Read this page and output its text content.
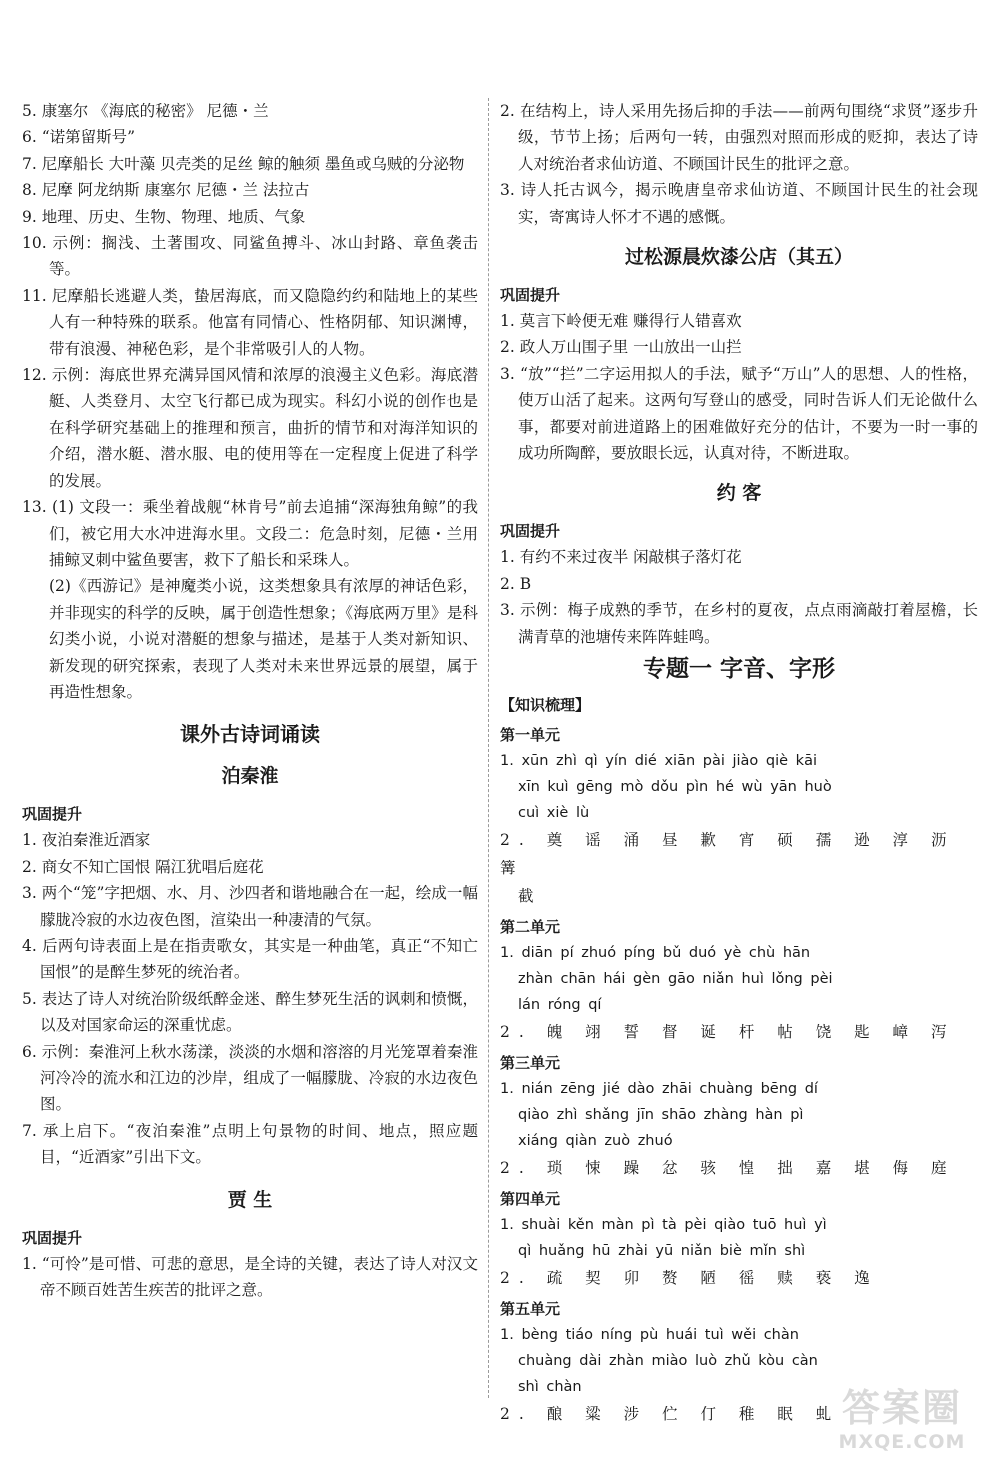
5. 康塞尔 《海底的秘密》 尼德・兰

6. “诺第留斯号”

7. 尼摩船长 大叶藻 贝壳类的足丝 鲸的触须 墨鱼或乌贼的分泌物

8. 尼摩 阿龙纳斯 康塞尔 尼德・兰 法拉古

9. 地理、历史、生物、物理、地质、气象

10. 示例：搁浅、土著围攻、同鲨鱼搏斗、冰山封路、章鱼袭击等。

11. 尼摩船长逃避人类，蛰居海底，而又隐隐约约和陆地上的某些人有一种特殊的联系。他富有同情心、性格阴郁、知识渊博，带有浪漫、神秘色彩，是个非常吸引人的人物。

12. 示例：海底世界充满异国风情和浓厚的浪漫主义色彩。海底潜艇、人类登月、太空飞行都已成为现实。科幻小说的创作也是在科学研究基础上的推理和预言，曲折的情节和对海洋知识的介绍，潜水艇、潜水服、电的使用等在一定程度上促进了科学的发展。

13. (1) 文段一：乘坐着战舰“林肯号”前去追捕“深海独角鲸”的我们，被它用大水冲进海水里。文段二：危急时刻，尼德・兰用捕鲸叉刺中鲨鱼要害，救下了船长和采珠人。

(2)《西游记》是神魔类小说，这类想象具有浓厚的神话色彩，并非现实的科学的反映，属于创造性想象；《海底两万里》是科幻类小说，小说对潜艇的想象与描述，是基于人类对新知识、新发现的研究探索，表现了人类对未来世界远景的展望，属于再造性想象。

课外古诗词诵读
泊秦淮
巩固提升

1. 夜泊秦淮近酒家

2. 商女不知亡国恨 隔江犹唱后庭花

3. 两个“笼”字把烟、水、月、沙四者和谐地融合在一起，绘成一幅朦胧冷寂的水边夜色图，渲染出一种凄清的气氛。

4. 后两句诗表面上是在指责歌女，其实是一种曲笔，真正“不知亡国恨”的是醉生梦死的统治者。

5. 表达了诗人对统治阶级纸醉金迷、醉生梦死生活的讽刺和愤慨，以及对国家命运的深重忧虑。

6. 示例：秦淮河上秋水荡漾，淡淡的水烟和溶溶的月光笼罩着秦淮河冷冷的流水和江边的沙岸，组成了一幅朦胧、冷寂的水边夜色图。

7. 承上启下。“夜泊秦淮”点明上句景物的时间、地点，照应题目，“近酒家”引出下文。

贾 生
巩固提升

1. “可怜”是可惜、可悲的意思，是全诗的关键，表达了诗人对汉文帝不顾百姓苦生疾苦的批评之意。

2. 在结构上，诗人采用先扬后抑的手法——前两句围绕“求贤”逐步升级，节节上扬；后两句一转，由强烈对照而形成的贬抑，表达了诗人对统治者求仙访道、不顾国计民生的批评之意。

3. 诗人托古讽今，揭示晚唐皇帝求仙访道、不顾国计民生的社会现实，寄寓诗人怀才不遇的感慨。

过松源晨炊漆公店（其五）
巩固提升

1. 莫言下岭便无难 赚得行人错喜欢

2. 政人万山围子里 一山放出一山拦

3. “放”“拦”二字运用拟人的手法，赋予“万山”人的思想、人的性格，使万山活了起来。这两句写登山的感受，同时告诉人们无论做什么事，都要对前进道路上的困难做好充分的估计，不要为一时一事的成功所陶醉，要放眼长远，认真对待，不断进取。

约 客
巩固提升

1. 有约不来过夜半 闲敲棋子落灯花

2. B

3. 示例：梅子成熟的季节，在乡村的夏夜，点点雨滴敲打着屋檐，长满青草的池塘传来阵阵蛙鸣。

专题一 字音、字形
【知识梳理】
第一单元
1. xūn zhì qì yín dié xiān pài jiào qiè kāi
xīn kuì gēng mò dǒu pìn hé wù yān huò
cuì xiè lù
2. 奠 谣 涌 昼 歉 宵 硕 孺 逊 淳 沥 篝
截
第二单元
1. diān pí zhuó píng bǔ duó yè chù hān
zhàn chān hái gèn gāo niǎn huì lǒng pèi
lán róng qí
2. 魄 翊 誓 督 诞 杆 帖 饶 匙 嶂 泻
第三单元
1. nián zēng jié dào zhāi chuàng bēng dí
qiào zhì shǎng jīn shāo zhàng hàn pì
xiáng qiàn zuò zhuó
2. 琐 悚 躁 忿 骇 惶 拙 嘉 堪 侮 庭
第四单元
1. shuài kěn màn pì tà pèi qiào tuō huì yì
qì huǎng hū zhài yū niǎn biè mǐn shì
2. 疏 契 卯 赘 陋 徭 赎 亵 逸
第五单元
1. bèng tiáo níng pù huái tuì wěi chàn
chuàng dài zhàn miào luò zhǔ kòu càn
shì chàn
2. 酿 粱 涉 伫 仃 稚 眠 虬 答案圈
MXQE.COM
